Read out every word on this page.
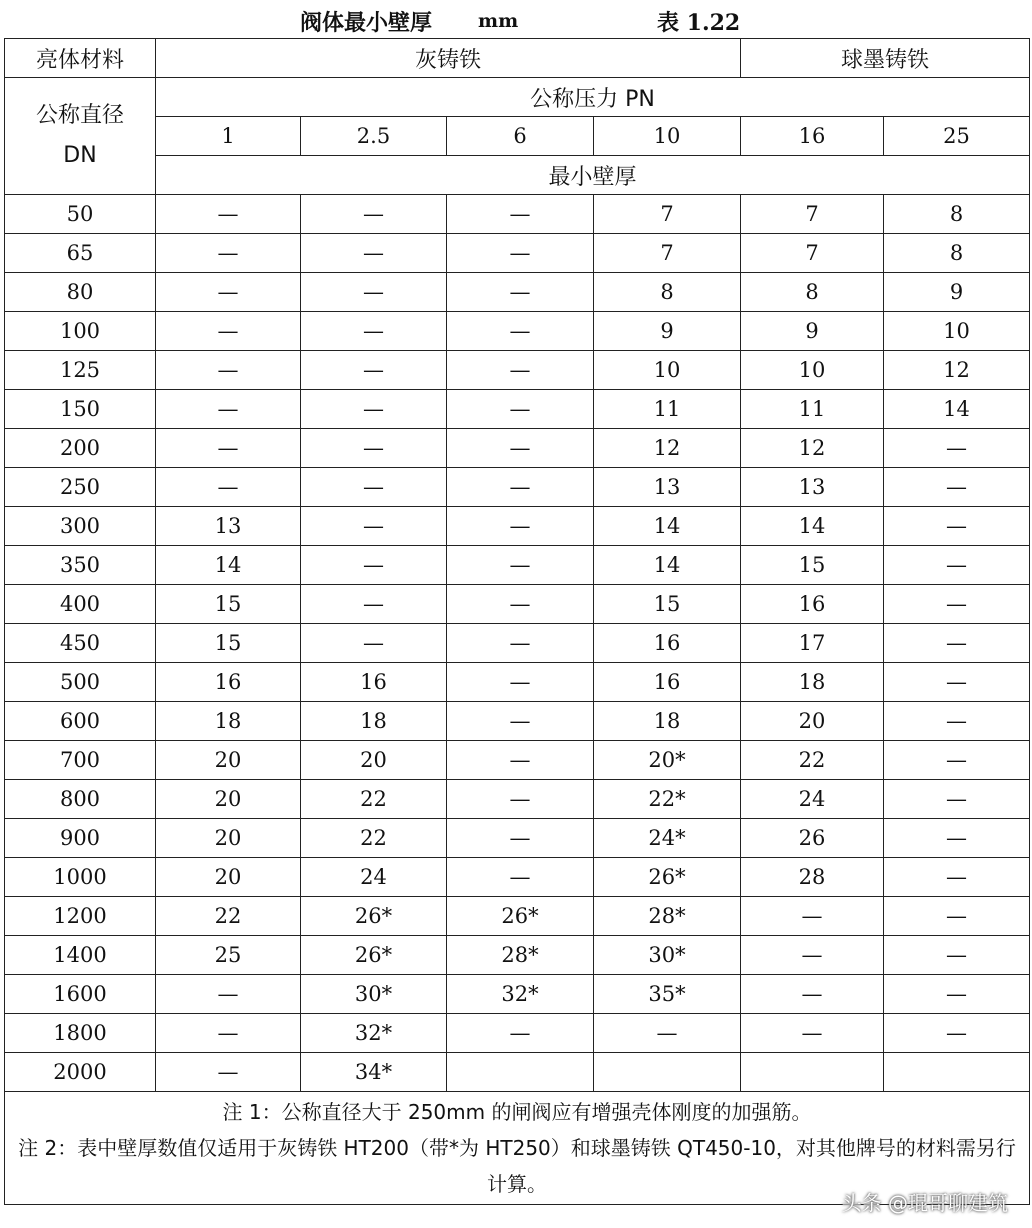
阀体最小壁厚 mm	表 1.22
亮体材料	灰铸铁				球墨铸铁	
公称直径
DN	公称压力 PN					
	1	2.5	6	10	16	25
	最小壁厚					
50	—	—	—	7	7	8
65	—	—	—	7	7	8
80	—	—	—	8	8	9
100	—	—	—	9	9	10
125	—	—	—	10	10	12
150	—	—	—	11	11	14
200	—	—	—	12	12	—
250	—	—	—	13	13	—
300	13	—	—	14	14	—
350	14	—	—	14	15	—
400	15	—	—	15	16	—
450	15	—	—	16	17	—
500	16	16	—	16	18	—
600	18	18	—	18	20	—
700	20	20	—	20*	22	—
800	20	22	—	22*	24	—
900	20	22	—	24*	26	—
1000	20	24	—	26*	28	—
1200	22	26*	26*	28*	—	—
1400	25	26*	28*	30*	—	—
1600	—	30*	32*	35*	—	—
1800	—	32*	—	—	—	—
2000	—	34*				

注 1：公称直径大于 250mm 的闸阀应有增强壳体刚度的加强筋。
注 2：表中壁厚数值仅适用于灰铸铁 HT200（带*为 HT250）和球墨铸铁 QT450-10，对其他牌号的材料需另行计算。						
头条 @琨哥聊建筑
